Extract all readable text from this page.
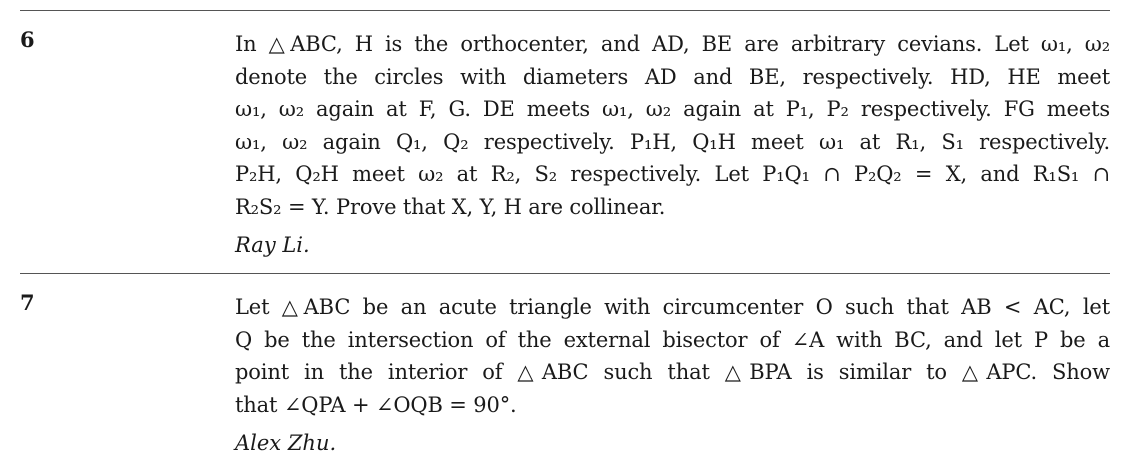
6	In △ABC, H is the orthocenter, and AD, BE are arbitrary cevians. Let ω₁, ω₂
denote the circles with diameters AD and BE, respectively. HD, HE meet
ω₁, ω₂ again at F, G. DE meets ω₁, ω₂ again at P₁, P₂ respectively. FG meets
ω₁, ω₂ again Q₁, Q₂ respectively. P₁H, Q₁H meet ω₁ at R₁, S₁ respectively.
P₂H, Q₂H meet ω₂ at R₂, S₂ respectively. Let P₁Q₁ ∩ P₂Q₂ = X, and R₁S₁ ∩
R₂S₂ = Y. Prove that X, Y, H are collinear.

Ray Li.

7	Let △ABC be an acute triangle with circumcenter O such that AB < AC, let
Q be the intersection of the external bisector of ∠A with BC, and let P be a
point in the interior of △ABC such that △BPA is similar to △APC. Show
that ∠QPA + ∠OQB = 90°.

Alex Zhu.
